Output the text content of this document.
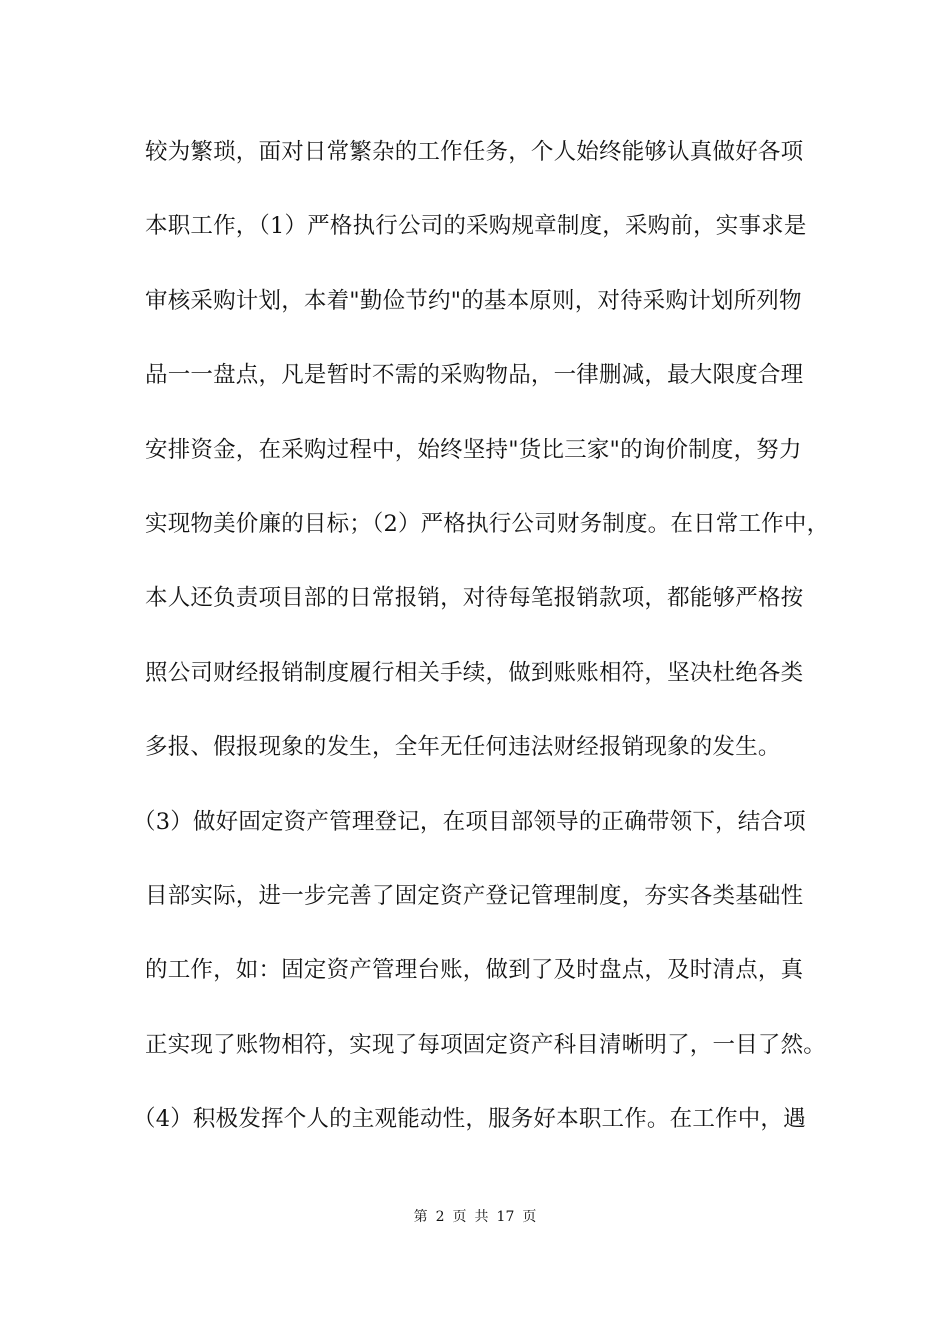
较为繁琐，面对日常繁杂的工作任务，个人始终能够认真做好各项
本职工作，（1）严格执行公司的采购规章制度，采购前，实事求是
审核采购计划，本着"勤俭节约"的基本原则，对待采购计划所列物
品一一盘点，凡是暂时不需的采购物品，一律删减，最大限度合理
安排资金，在采购过程中，始终坚持"货比三家"的询价制度，努力
实现物美价廉的目标；（2）严格执行公司财务制度。在日常工作中，
本人还负责项目部的日常报销，对待每笔报销款项，都能够严格按
照公司财经报销制度履行相关手续，做到账账相符，坚决杜绝各类
多报、假报现象的发生，全年无任何违法财经报销现象的发生。
（3）做好固定资产管理登记，在项目部领导的正确带领下，结合项
目部实际，进一步完善了固定资产登记管理制度，夯实各类基础性
的工作，如：固定资产管理台账，做到了及时盘点，及时清点，真
正实现了账物相符，实现了每项固定资产科目清晰明了，一目了然。
（4）积极发挥个人的主观能动性，服务好本职工作。在工作中，遇
第 2 页 共 17 页
